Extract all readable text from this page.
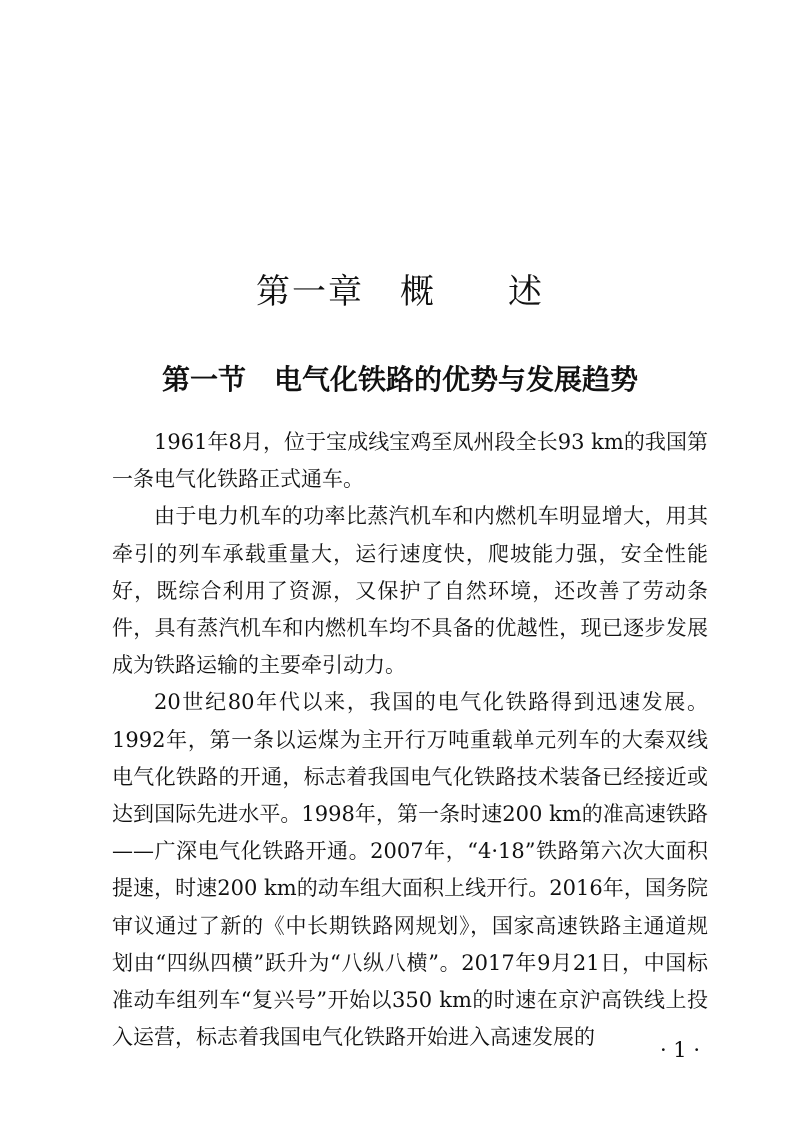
第一章　概　　述
第一节　电气化铁路的优势与发展趋势

1961年8月，位于宝成线宝鸡至凤州段全长93 km的我国第一条电气化铁路正式通车。

由于电力机车的功率比蒸汽机车和内燃机车明显增大，用其牵引的列车承载重量大，运行速度快，爬坡能力强，安全性能好，既综合利用了资源，又保护了自然环境，还改善了劳动条件，具有蒸汽机车和内燃机车均不具备的优越性，现已逐步发展成为铁路运输的主要牵引动力。

20世纪80年代以来，我国的电气化铁路得到迅速发展。1992年，第一条以运煤为主开行万吨重载单元列车的大秦双线电气化铁路的开通，标志着我国电气化铁路技术装备已经接近或达到国际先进水平。1998年，第一条时速200 km的准高速铁路——广深电气化铁路开通。2007年，“4·18”铁路第六次大面积提速，时速200 km的动车组大面积上线开行。2016年，国务院审议通过了新的《中长期铁路网规划》，国家高速铁路主通道规划由“四纵四横”跃升为“八纵八横”。2017年9月21日，中国标准动车组列车“复兴号”开始以350 km的时速在京沪高铁线上投入运营，标志着我国电气化铁路开始进入高速发展的

· 1 ·
